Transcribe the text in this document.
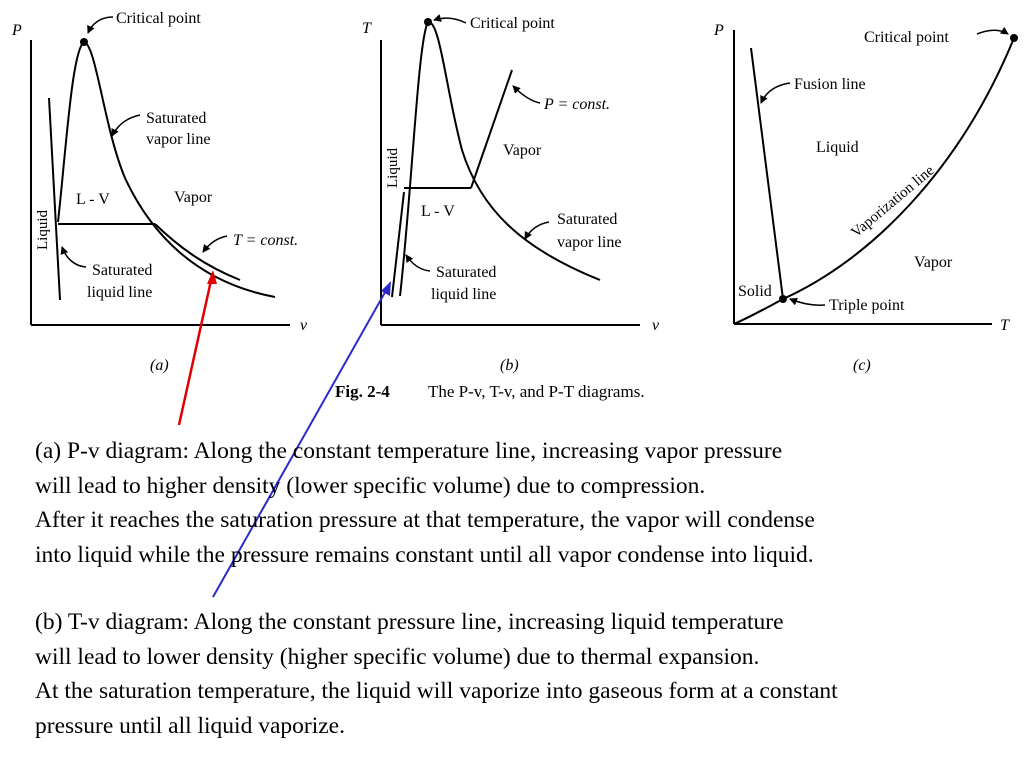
P
v
Critical point
Saturated
vapor line
L - V	Vapor
Liquid	T = const.
Saturated
liquid line
(a)
T
v
Critical point
P = const.
Vapor
Liquid
L - V	Saturated
vapor line
Saturated
liquid line
(b)
P
T
Critical point
Fusion line
Liquid
Vaporization line
Vapor
Solid
Triple point
(c)
Fig. 2-4 The P-v, T-v, and P-T diagrams.

(a) P-v diagram: Along the constant temperature line, increasing vapor pressure

will lead to higher density (lower specific volume) due to compression.

After it reaches the saturation pressure at that temperature, the vapor will condense

into liquid while the pressure remains constant until all vapor condense into liquid.

(b) T-v diagram: Along the constant pressure line, increasing liquid temperature

will lead to lower density (higher specific volume) due to thermal expansion.

At the saturation temperature, the liquid will vaporize into gaseous form at a constant

pressure until all liquid vaporize.
